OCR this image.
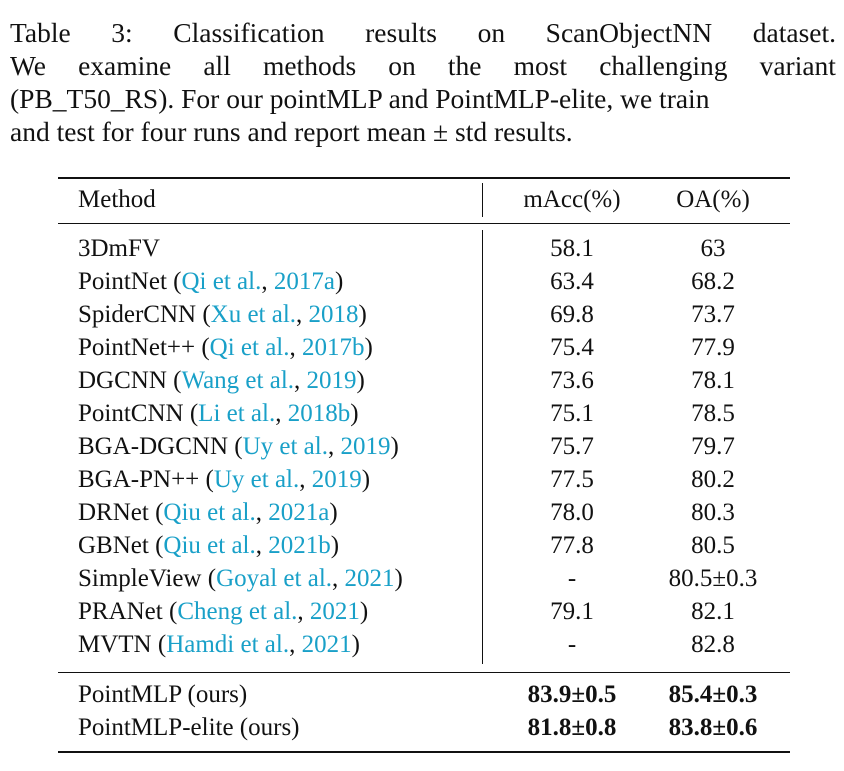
Table 3: Classification results on ScanObjectNN dataset.
We examine all methods on the most challenging variant
(PB_T50_RS). For our pointMLP and PointMLP-elite, we train
and test for four runs and report mean ± std results.
Method	mAcc(%)	OA(%)
3DmFV	58.1	63
PointNet (Qi et al., 2017a)	63.4	68.2
SpiderCNN (Xu et al., 2018)	69.8	73.7
PointNet++ (Qi et al., 2017b)	75.4	77.9
DGCNN (Wang et al., 2019)	73.6	78.1
PointCNN (Li et al., 2018b)	75.1	78.5
BGA-DGCNN (Uy et al., 2019)	75.7	79.7
BGA-PN++ (Uy et al., 2019)	77.5	80.2
DRNet (Qiu et al., 2021a)	78.0	80.3
GBNet (Qiu et al., 2021b)	77.8	80.5
SimpleView (Goyal et al., 2021)	-	80.5±0.3
PRANet (Cheng et al., 2021)	79.1	82.1
MVTN (Hamdi et al., 2021)	-	82.8
PointMLP (ours)	83.9±0.5	85.4±0.3
PointMLP-elite (ours)	81.8±0.8	83.8±0.6
